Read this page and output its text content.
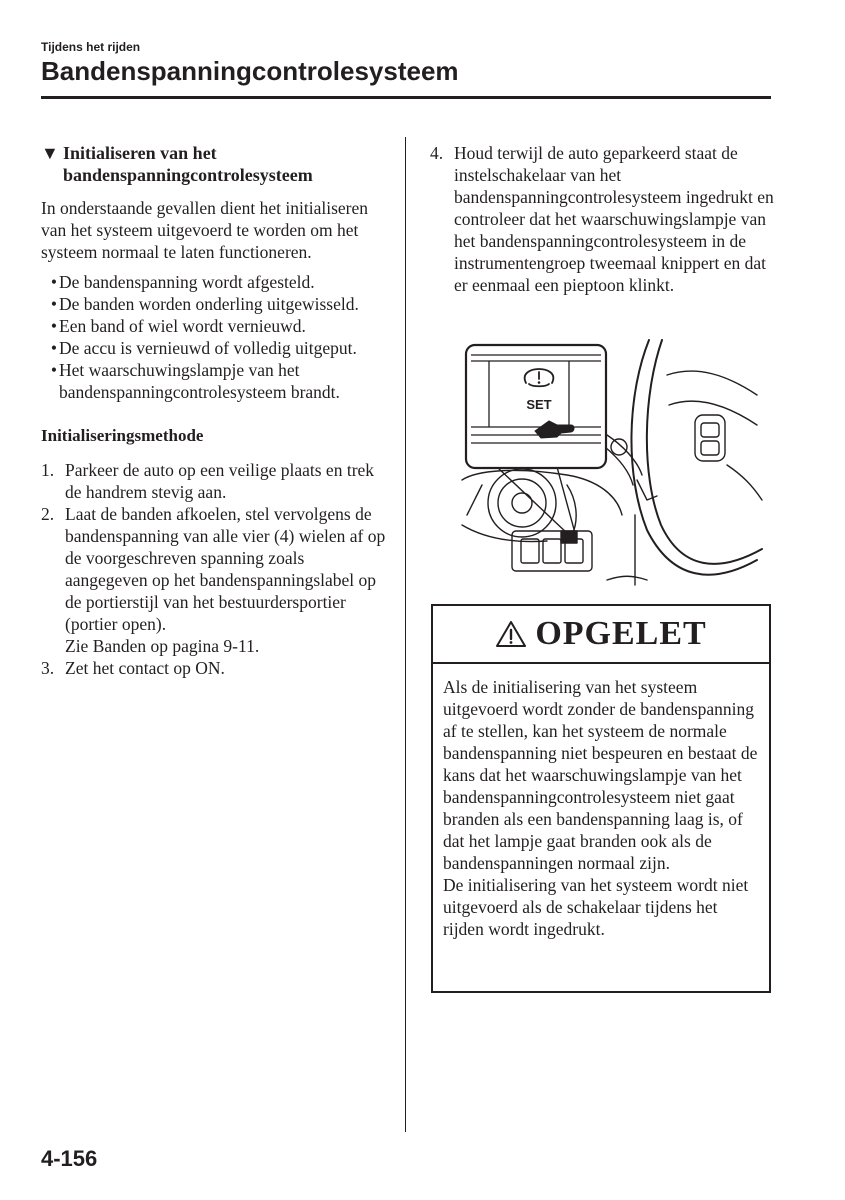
Tijdens het rijden
Bandenspanningcontrolesysteem
▼ Initialiseren van het
bandenspanningcontrolesysteem

In onderstaande gevallen dient het initialiseren van het systeem uitgevoerd te worden om het systeem normaal te laten functioneren.

• De bandenspanning wordt afgesteld.
• De banden worden onderling uitgewisseld.
• Een band of wiel wordt vernieuwd.
• De accu is vernieuwd of volledig uitgeput.
• Het waarschuwingslampje van het bandenspanningcontrolesysteem brandt.
Initialiseringsmethode
1. Parkeer de auto op een veilige plaats en trek de handrem stevig aan.
2. Laat de banden afkoelen, stel vervolgens de bandenspanning van alle vier (4) wielen af op de voorgeschreven spanning zoals aangegeven op het bandenspanningslabel op de portierstijl van het bestuurdersportier (portier open).
Zie Banden op pagina 9-11.
3. Zet het contact op ON.
4. Houd terwijl de auto geparkeerd staat de instelschakelaar van het bandenspanningcontrolesysteem ingedrukt en controleer dat het waarschuwingslampje van het bandenspanningcontrolesysteem in de instrumentengroep tweemaal knippert en dat er eenmaal een pieptoon klinkt.
SET
OPGELET

Als de initialisering van het systeem uitgevoerd wordt zonder de bandenspanning af te stellen, kan het systeem de normale bandenspanning niet bespeuren en bestaat de kans dat het waarschuwingslampje van het bandenspanningcontrolesysteem niet gaat branden als een bandenspanning laag is, of dat het lampje gaat branden ook als de bandenspanningen normaal zijn.

De initialisering van het systeem wordt niet uitgevoerd als de schakelaar tijdens het rijden wordt ingedrukt.

4-156
